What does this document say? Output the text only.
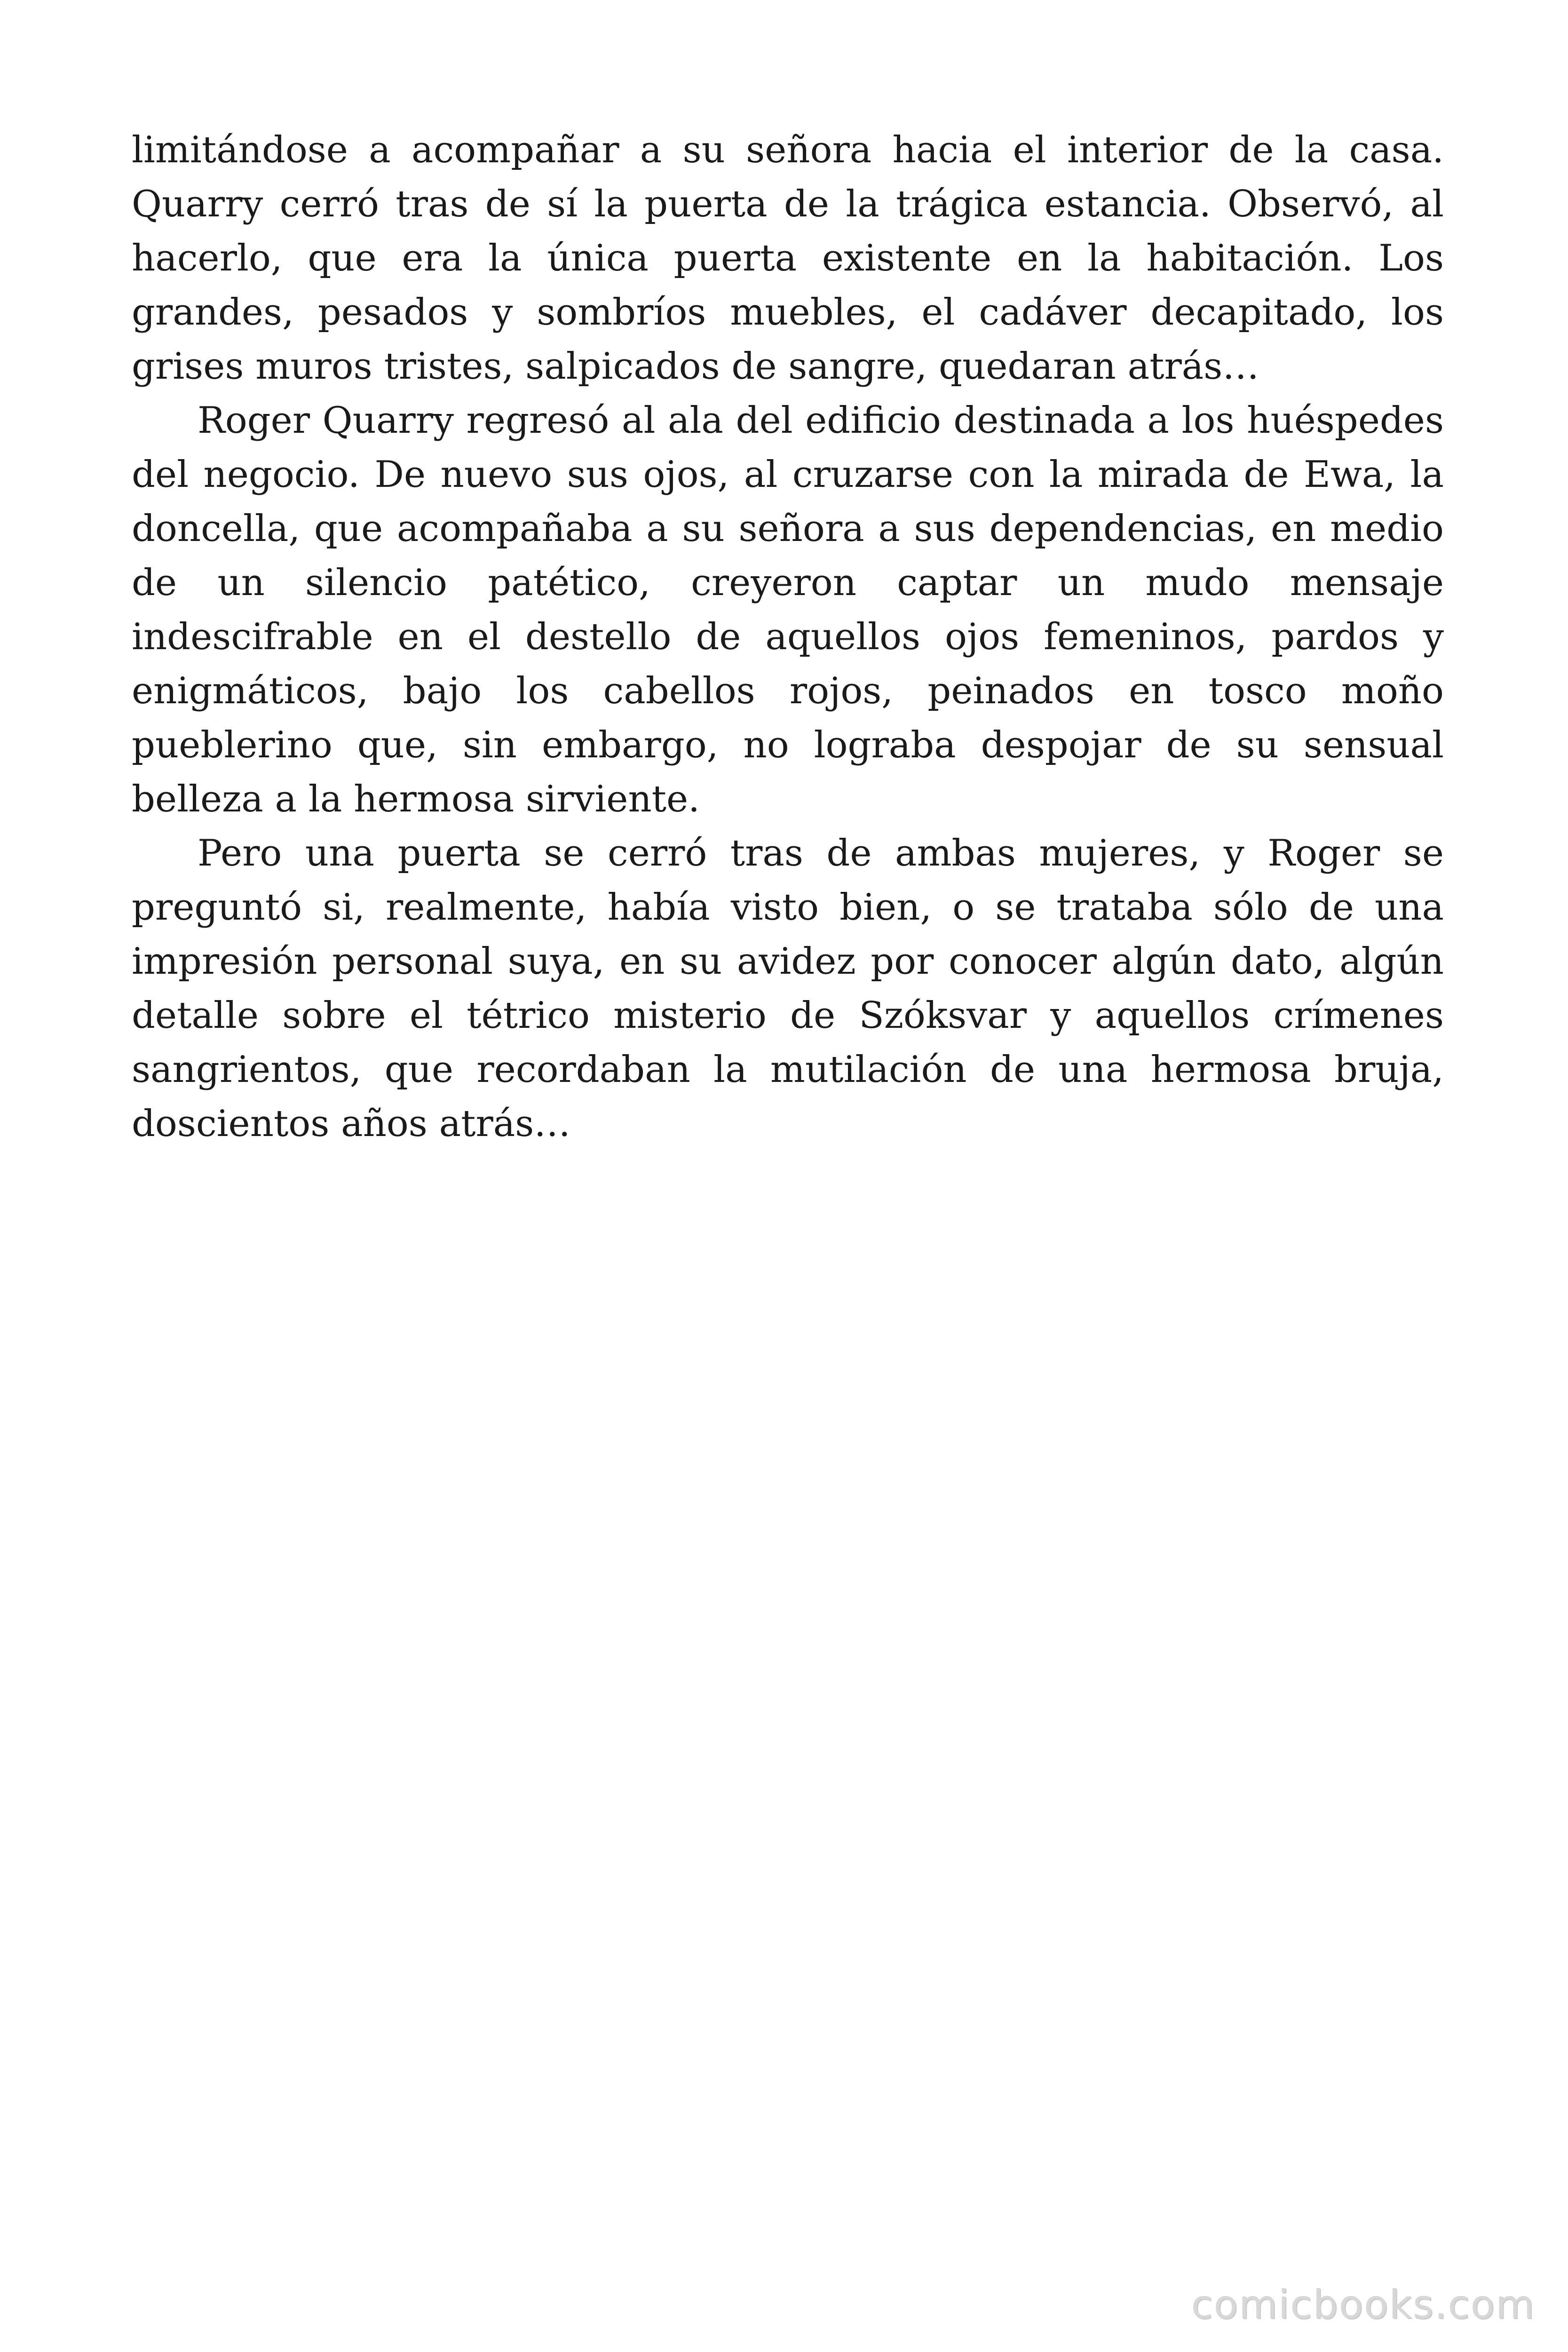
limitándose a acompañar a su señora hacia el interior de la casa. Quarry cerró tras de sí la puerta de la trágica estancia. Observó, al hacerlo, que era la única puerta existente en la habitación. Los grandes, pesados y sombríos muebles, el cadáver decapitado, los grises muros tristes, salpicados de sangre, quedaran atrás…

Roger Quarry regresó al ala del edificio destinada a los huéspedes del negocio. De nuevo sus ojos, al cruzarse con la mirada de Ewa, la doncella, que acompañaba a su señora a sus dependencias, en medio de un silencio patético, creyeron captar un mudo mensaje indescifrable en el destello de aquellos ojos femeninos, pardos y enigmáticos, bajo los cabellos rojos, peinados en tosco moño pueblerino que, sin embargo, no lograba despojar de su sensual belleza a la hermosa sirviente.

Pero una puerta se cerró tras de ambas mujeres, y Roger se preguntó si, realmente, había visto bien, o se trataba sólo de una impresión personal suya, en su avidez por conocer algún dato, algún detalle sobre el tétrico misterio de Szóksvar y aquellos crímenes sangrientos, que recordaban la mutilación de una hermosa bruja, doscientos años atrás…

comicbooks.com
